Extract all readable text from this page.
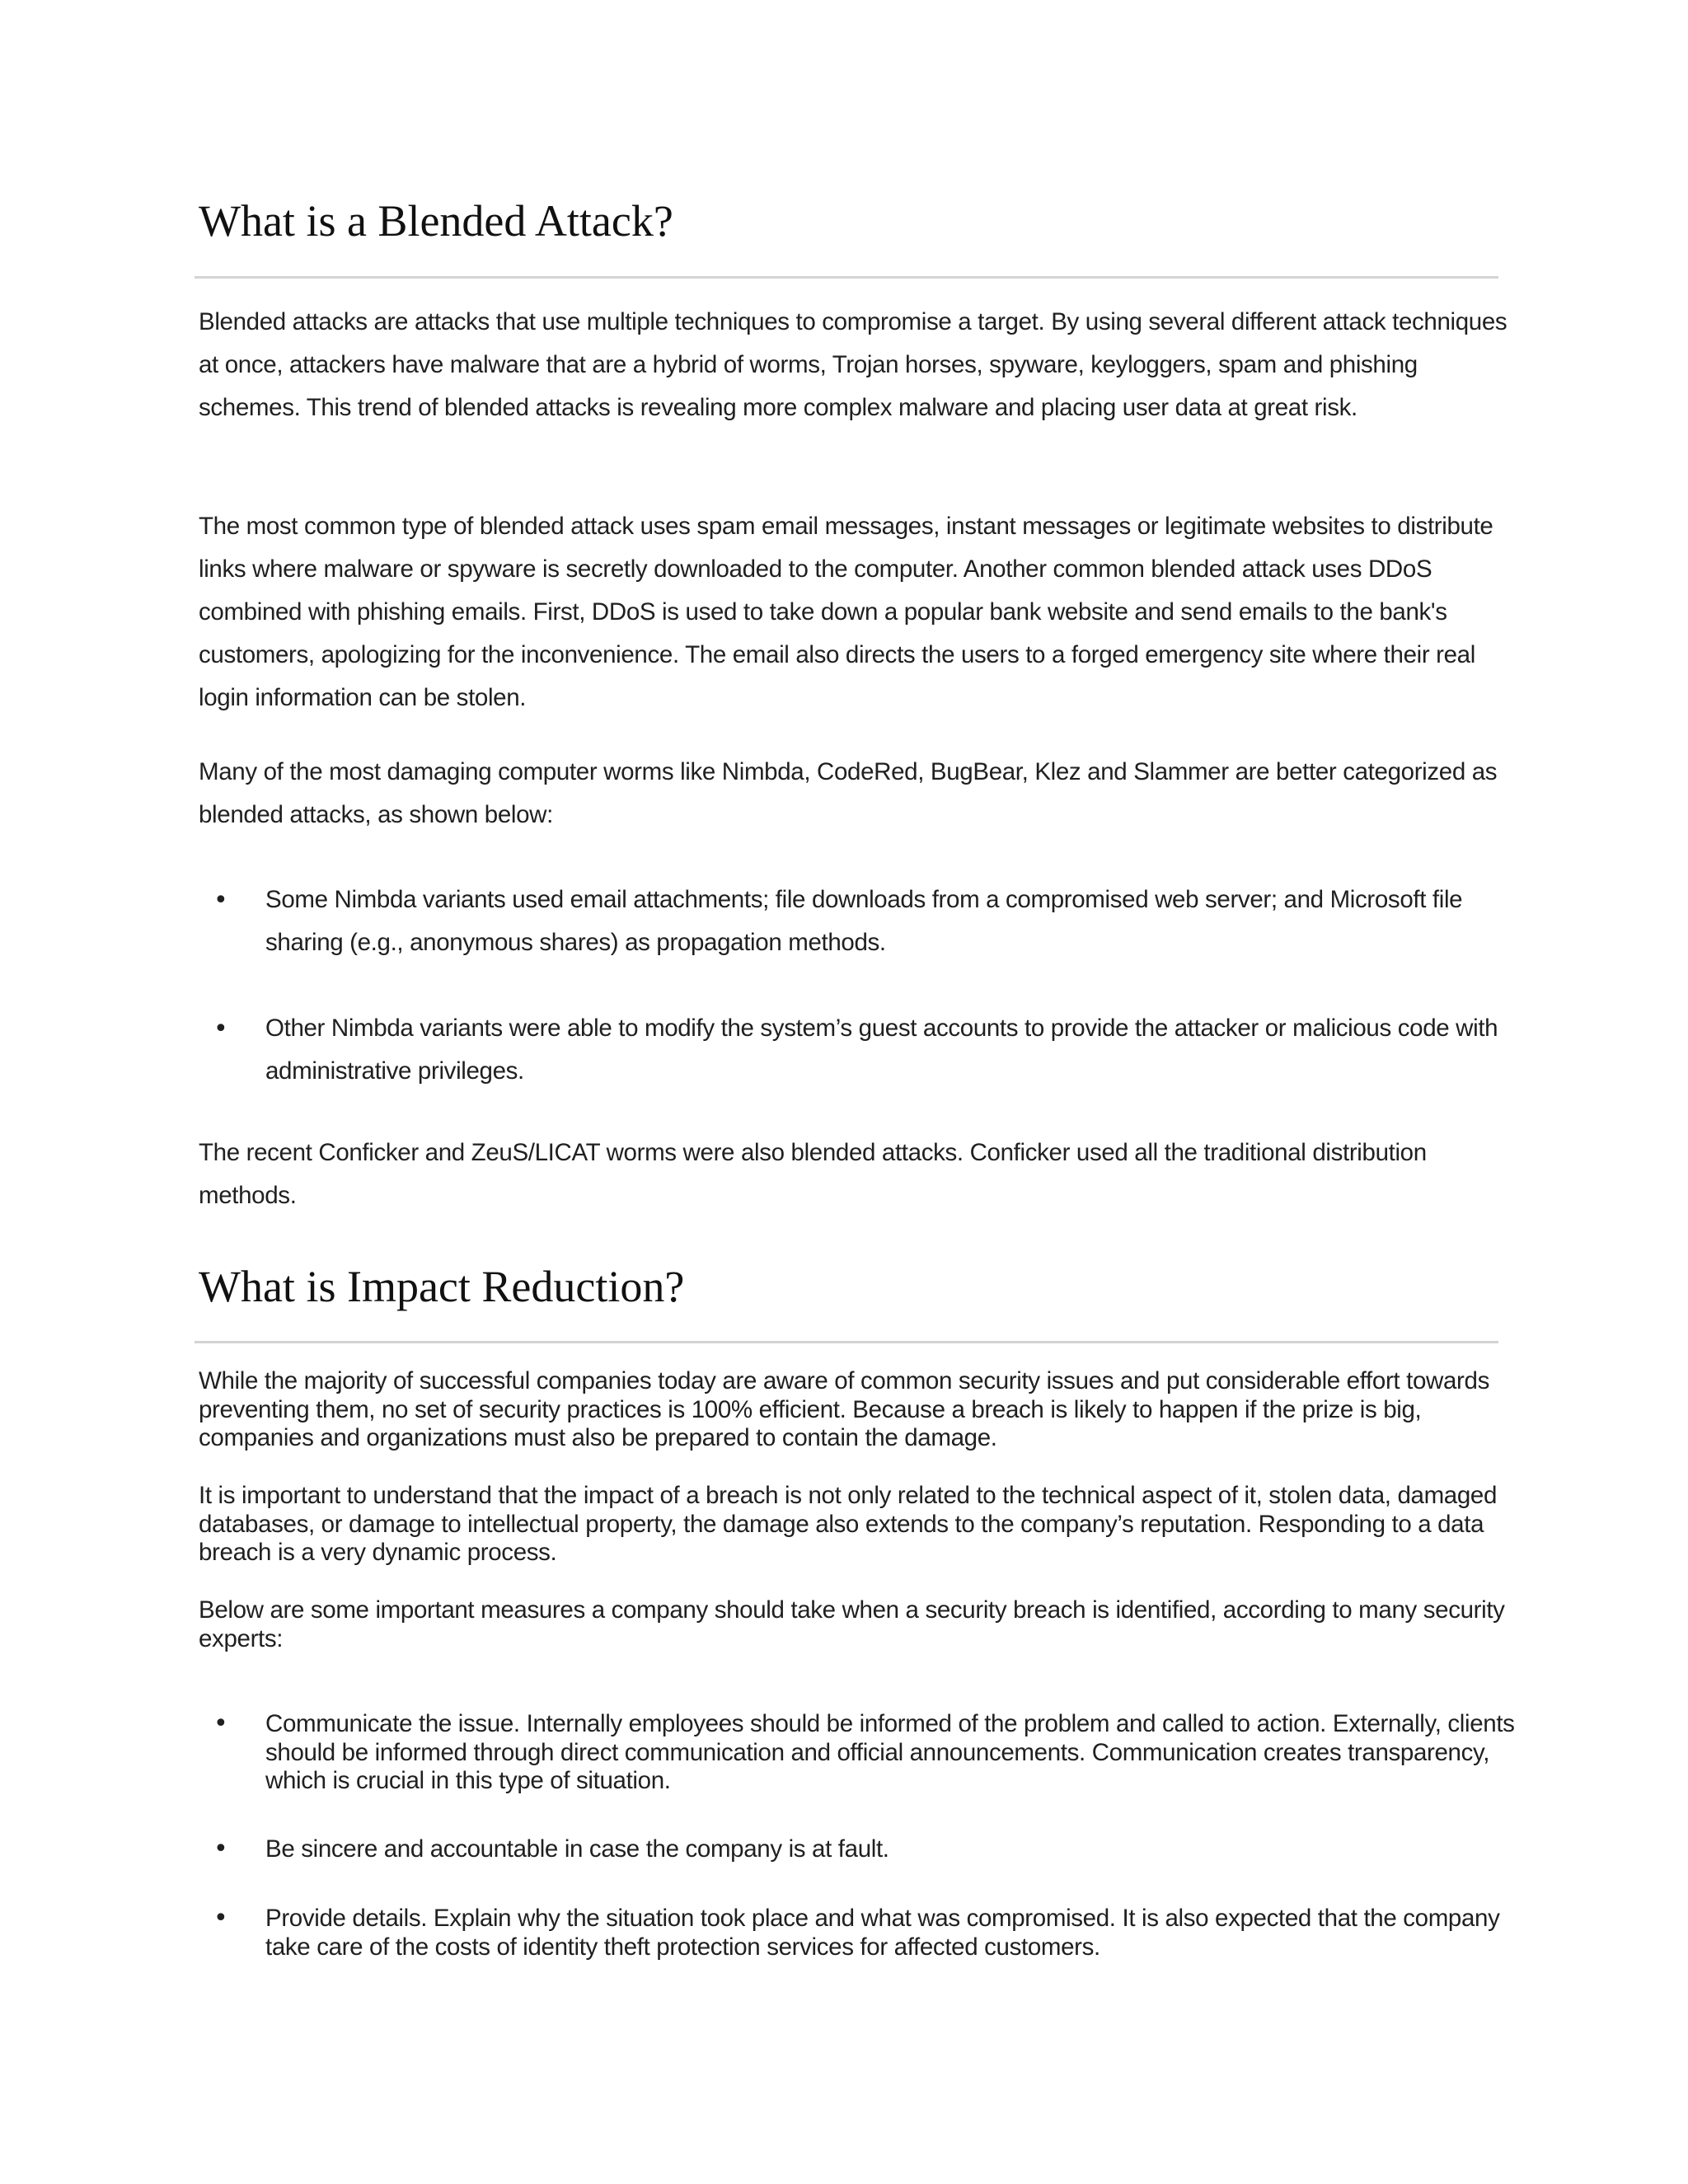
What is a Blended Attack?

Blended attacks are attacks that use multiple techniques to compromise a target. By using several different attack techniques at once, attackers have malware that are a hybrid of worms, Trojan horses, spyware, keyloggers, spam and phishing schemes. This trend of blended attacks is revealing more complex malware and placing user data at great risk.

The most common type of blended attack uses spam email messages, instant messages or legitimate websites to distribute links where malware or spyware is secretly downloaded to the computer. Another common blended attack uses DDoS combined with phishing emails. First, DDoS is used to take down a popular bank website and send emails to the bank's customers, apologizing for the inconvenience. The email also directs the users to a forged emergency site where their real login information can be stolen.

Many of the most damaging computer worms like Nimbda, CodeRed, BugBear, Klez and Slammer are better categorized as blended attacks, as shown below:

• Some Nimbda variants used email attachments; file downloads from a compromised web server; and Microsoft file sharing (e.g., anonymous shares) as propagation methods.

• Other Nimbda variants were able to modify the system’s guest accounts to provide the attacker or malicious code with administrative privileges.

The recent Conficker and ZeuS/LICAT worms were also blended attacks. Conficker used all the traditional distribution methods.

What is Impact Reduction?

While the majority of successful companies today are aware of common security issues and put considerable effort towards preventing them, no set of security practices is 100% efficient. Because a breach is likely to happen if the prize is big, companies and organizations must also be prepared to contain the damage.

It is important to understand that the impact of a breach is not only related to the technical aspect of it, stolen data, damaged databases, or damage to intellectual property, the damage also extends to the company’s reputation. Responding to a data breach is a very dynamic process.

Below are some important measures a company should take when a security breach is identified, according to many security experts:

• Communicate the issue. Internally employees should be informed of the problem and called to action. Externally, clients should be informed through direct communication and official announcements. Communication creates transparency, which is crucial in this type of situation.

• Be sincere and accountable in case the company is at fault.

• Provide details. Explain why the situation took place and what was compromised. It is also expected that the company take care of the costs of identity theft protection services for affected customers.
